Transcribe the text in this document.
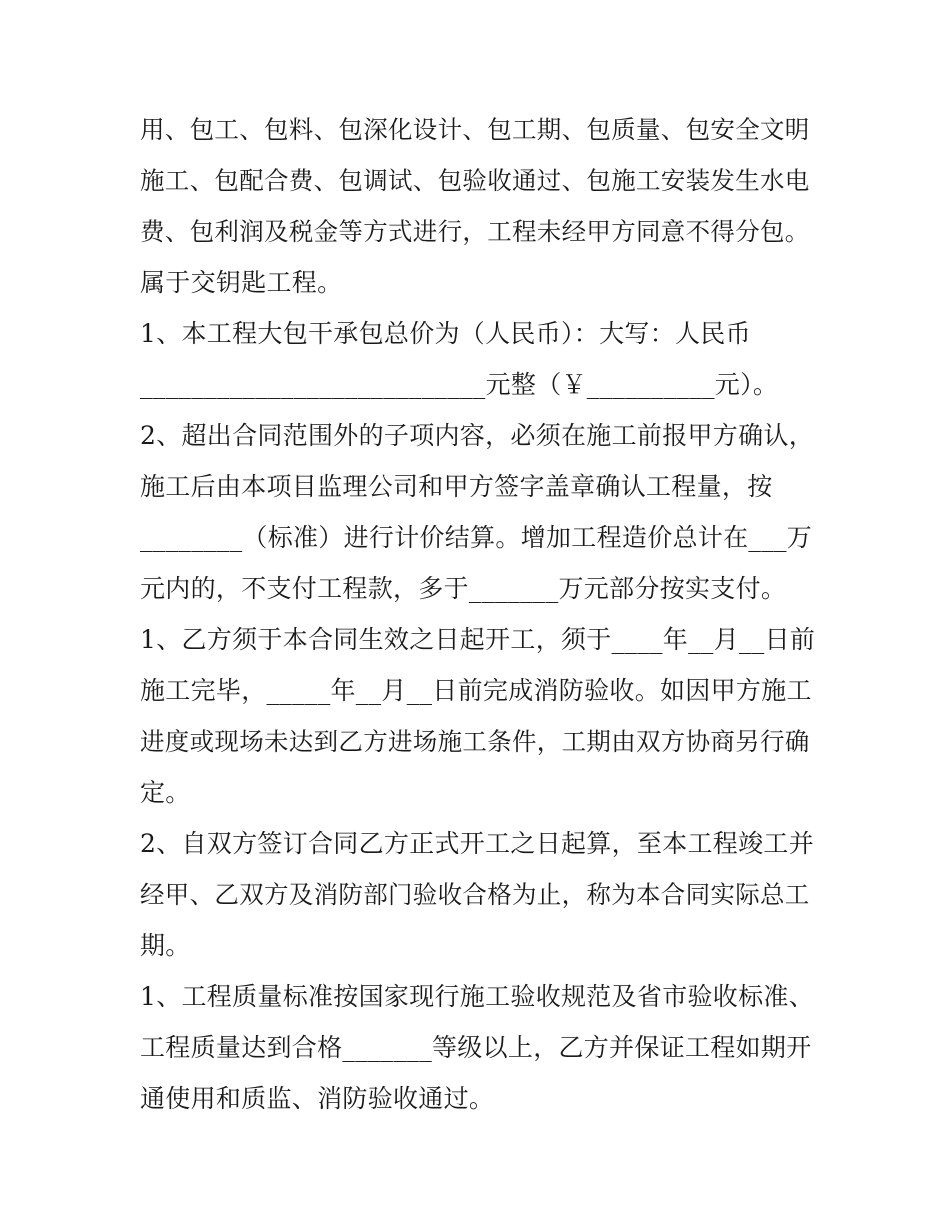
用、包工、包料、包深化设计、包工期、包质量、包安全文明
施工、包配合费、包调试、包验收通过、包施工安装发生水电
费、包利润及税金等方式进行，工程未经甲方同意不得分包。
属于交钥匙工程。
1、本工程大包干承包总价为（人民币）：大写：人民币
___________________________元整（￥__________元）。
2、超出合同范围外的子项内容，必须在施工前报甲方确认，
施工后由本项目监理公司和甲方签字盖章确认工程量，按
________（标准）进行计价结算。增加工程造价总计在___万
元内的，不支付工程款，多于_______万元部分按实支付。
1、乙方须于本合同生效之日起开工，须于____年__月__日前
施工完毕，_____年__月__日前完成消防验收。如因甲方施工
进度或现场未达到乙方进场施工条件，工期由双方协商另行确
定。
2、自双方签订合同乙方正式开工之日起算，至本工程竣工并
经甲、乙双方及消防部门验收合格为止，称为本合同实际总工
期。
1、工程质量标准按国家现行施工验收规范及省市验收标准、
工程质量达到合格_______等级以上，乙方并保证工程如期开
通使用和质监、消防验收通过。
